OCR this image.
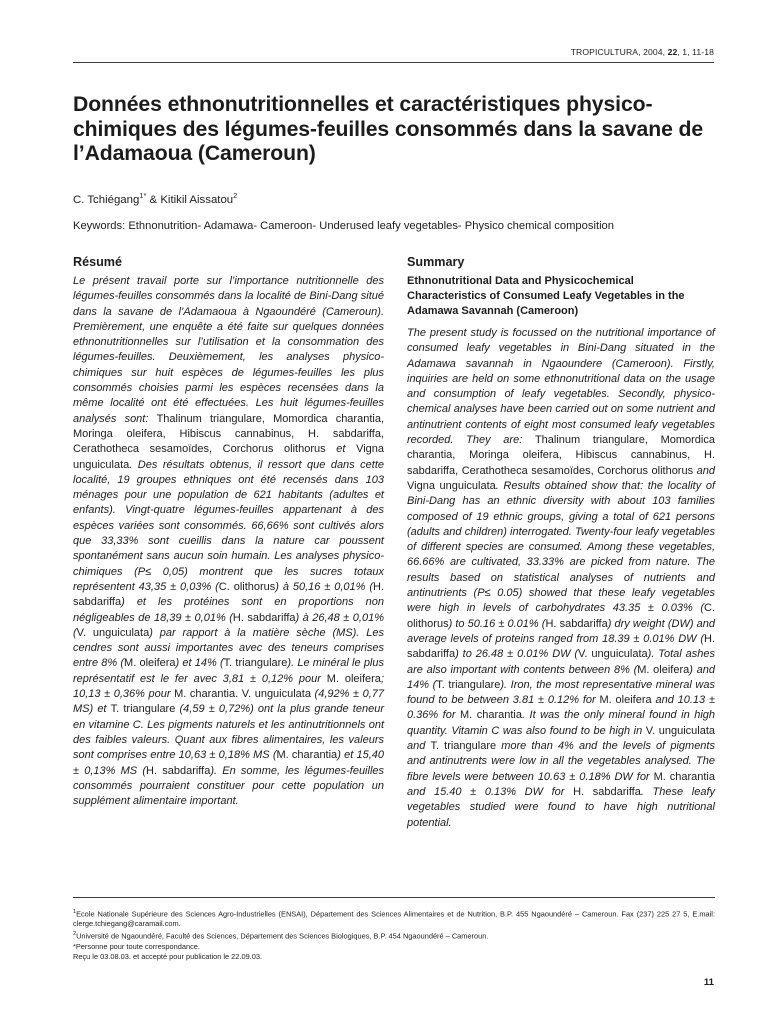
TROPICULTURA, 2004, 22, 1, 11-18
Données ethnonutritionnelles et caractéristiques physico-chimiques des légumes-feuilles consommés dans la savane de l’Adamaoua (Cameroun)
C. Tchiégang$^{1*}$ & Kitikil Aissatou$^2$
Keywords: Ethnonutrition- Adamawa- Cameroon- Underused leafy vegetables- Physico chemical composition
Résumé

Le présent travail porte sur l’importance nutritionnelle des légumes-feuilles consommés dans la localité de Bini-Dang situé dans la savane de l’Adamaoua à Ngaoundéré (Cameroun). Premièrement, une enquête a été faite sur quelques données ethnonutritionnelles sur l’utilisation et la consommation des légumes-feuilles. Deuxièmement, les analyses physico-chimiques sur huit espèces de légumes-feuilles les plus consommés choisies parmi les espèces recensées dans la même localité ont été effectuées. Les huit légumes-feuilles analysés sont: Thalinum triangulare, Momordica charantia, Moringa oleifera, Hibiscus cannabinus, H. sabdariffa, Cerathotheca sesamoïdes, Corchorus olithorus et Vigna unguiculata. Des résultats obtenus, il ressort que dans cette localité, 19 groupes ethniques ont été recensés dans 103 ménages pour une population de 621 habitants (adultes et enfants). Vingt-quatre légumes-feuilles appartenant à des espèces variées sont consommés. 66,66% sont cultivés alors que 33,33% sont cueillis dans la nature car poussent spontanément sans aucun soin humain. Les analyses physico-chimiques (P≤ 0,05) montrent que les sucres totaux représentent 43,35 ± 0,03% (C. olithorus) à 50,16 ± 0,01% (H. sabdariffa) et les protéines sont en proportions non négligeables de 18,39 ± 0,01% (H. sabdariffa) à 26,48 ± 0,01% (V. unguiculata) par rapport à la matière sèche (MS). Les cendres sont aussi importantes avec des teneurs comprises entre 8% (M. oleifera) et 14% (T. triangulare). Le minéral le plus représentatif est le fer avec 3,81 ± 0,12% pour M. oleifera; 10,13 ± 0,36% pour M. charantia. V. unguiculata (4,92% ± 0,77 MS) et T. triangulare (4,59 ± 0,72%) ont la plus grande teneur en vitamine C. Les pigments naturels et les antinutritionnels ont des faibles valeurs. Quant aux fibres alimentaires, les valeurs sont comprises entre 10,63 ± 0,18% MS (M. charantia) et 15,40 ± 0,13% MS (H. sabdariffa). En somme, les légumes-feuilles consommés pourraient constituer pour cette population un supplément alimentaire important.

Summary

Ethnonutritional Data and Physicochemical Characteristics of Consumed Leafy Vegetables in the Adamawa Savannah (Cameroon)

The present study is focussed on the nutritional importance of consumed leafy vegetables in Bini-Dang situated in the Adamawa savannah in Ngaoundere (Cameroon). Firstly, inquiries are held on some ethnonutritional data on the usage and consumption of leafy vegetables. Secondly, physico-chemical analyses have been carried out on some nutrient and antinutrient contents of eight most consumed leafy vegetables recorded. They are: Thalinum triangulare, Momordica charantia, Moringa oleifera, Hibiscus cannabinus, H. sabdariffa, Cerathotheca sesamoïdes, Corchorus olithorus and Vigna unguiculata. Results obtained show that: the locality of Bini-Dang has an ethnic diversity with about 103 families composed of 19 ethnic groups, giving a total of 621 persons (adults and children) interrogated. Twenty-four leafy vegetables of different species are consumed. Among these vegetables, 66.66% are cultivated, 33.33% are picked from nature. The results based on statistical analyses of nutrients and antinutrients (P≤ 0.05) showed that these leafy vegetables were high in levels of carbohydrates 43.35 ± 0.03% (C. olithorus) to 50.16 ± 0.01% (H. sabdariffa) dry weight (DW) and average levels of proteins ranged from 18.39 ± 0.01% DW (H. sabdariffa) to 26.48 ± 0.01% DW (V. unguiculata). Total ashes are also important with contents between 8% (M. oleifera) and 14% (T. triangulare). Iron, the most representative mineral was found to be between 3.81 ± 0.12% for M. oleifera and 10.13 ± 0.36% for M. charantia. It was the only mineral found in high quantity. Vitamin C was also found to be high in V. unguiculata and T. triangulare more than 4% and the levels of pigments and antinutrents were low in all the vegetables analysed. The fibre levels were between 10.63 ± 0.18% DW for M. charantia and 15.40 ± 0.13% DW for H. sabdariffa. These leafy vegetables studied were found to have high nutritional potential.

$^1$Ecole Nationale Supérieure des Sciences Agro-Industrielles (ENSAI), Département des Sciences Alimentaires et de Nutrition, B.P. 455 Ngaoundéré – Cameroun. Fax (237) 225 27 5, E.mail: clerge.tchiegang@caramail.com.

$^2$Université de Ngaoundéré, Faculté des Sciences, Département des Sciences Biologiques, B.P. 454 Ngaoundéré – Cameroun.

*Personne pour toute correspondance.

Reçu le 03.08.03. et accepté pour publication le 22.09.03.

11
